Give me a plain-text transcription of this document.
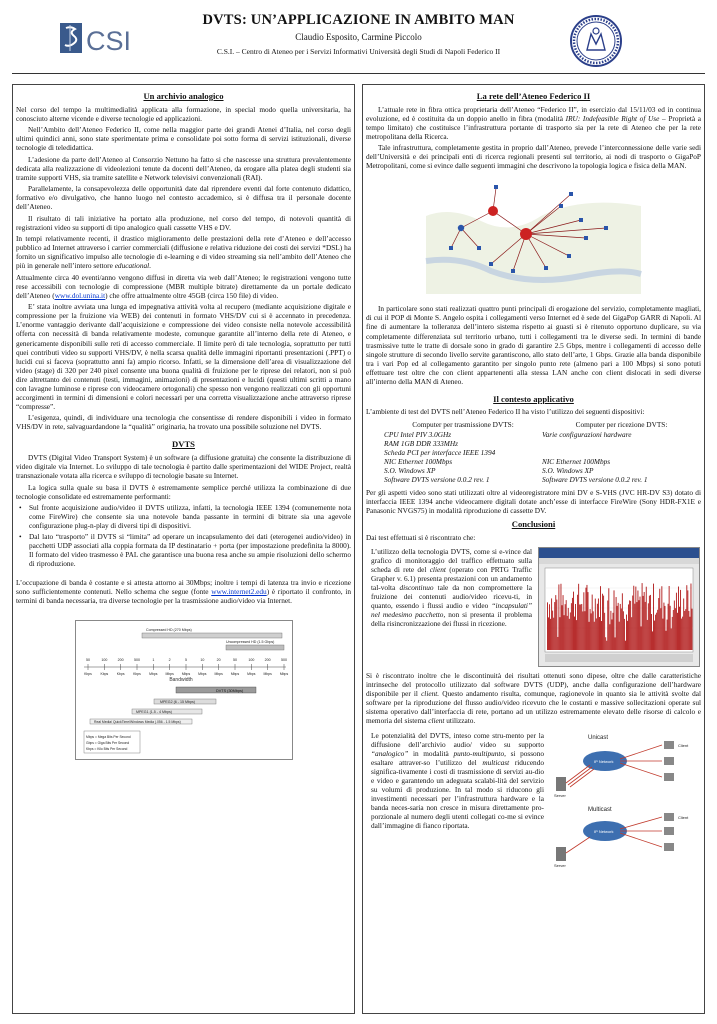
CSI
DVTS: UN’APPLICAZIONE IN AMBITO MAN
Claudio Esposito, Carmine Piccolo
C.S.I. – Centro di Ateneo per i Servizi Informativi Università degli Studi di Napoli Federico II
Un archivio analogico

Nel corso del tempo la multimedialità applicata alla formazione, in special modo quella universitaria, ha conosciuto alterne vicende e diverse tecnologie ed applicazioni.

Nell’Ambito dell’Ateneo Federico II, come nella maggior parte dei grandi Atenei d’Italia, nel corso degli ultimi quindici anni, sono state sperimentate prima e consolidate poi sotto forma di servizi istituzionali, diverse tecnologie di teledidattica.

L’adesione da parte dell’Ateneo al Consorzio Nettuno ha fatto si che nascesse una struttura prevalentemente dedicata alla realizzazione di videolezioni tenute da docenti dell’Ateneo, da erogare alla platea degli studenti sia tramite supporti VHS, sia tramite satellite e Network televisivi convenzionali (RAI).

Parallelamente, la consapevolezza delle opportunità date dal riprendere eventi dal forte contenuto didattico, formativo e/o divulgativo, che hanno luogo nel contesto accademico, si è diffusa tra il personale docente dell’Ateneo.

Il risultato di tali iniziative ha portato alla produzione, nel corso del tempo, di notevoli quantità di registrazioni video su supporti di tipo analogico quali cassette VHS e DV.

In tempi relativamente recenti, il drastico miglioramento delle prestazioni della rete d’Ateneo e dell’accesso pubblico ad Internet attraverso i carrier commerciali (diffusione e relativa riduzione dei costi dei servizi *DSL) ha fornito un significativo impulso alle tecnologie di e-learning e di video streaming sia nell’ambito dell’Ateneo che più in generale nell’intero settore educational.

Attualmente circa 40 eventi/anno vengono diffusi in diretta via web dall’Ateneo; le registrazioni vengono tutte rese accessibili con tecnologie di compressione (MBR multiple bitrate) direttamente da un portale dedicato dell’Ateneo (www.dol.unina.it) che offre attualmente oltre 45GB (circa 150 file) di video.

E’ stata inoltre avviata una lunga ed impegnativa attività volta al recupero (mediante acquisizione digitale e compressione per la fruizione via WEB) dei contenuti in formato VHS/DV cui si è accennato in precedenza. L’enorme vantaggio derivante dall’acquisizione e compressione dei video consiste nella notevole accessibilità offerta con necessità di banda relativamente modeste, comunque garantite all’interno della rete di Ateneo, e genericamente disponibili sulle reti di accesso commerciale. Il limite però di tale tecnologia, soprattutto per tutti quei contributi video su supporti VHS/DV, è nella scarsa qualità delle immagini riportanti presentazioni (.PPT) o lucidi cui si faceva (soprattutto anni fa) ampio ricorso. Infatti, se la dimensione dell’area di visualizzazione del video (stage) di 320 per 240 pixel consente una buona qualità di fruizione per le riprese dei relatori, non si può dire altrettanto dei contenuti (testi, immagini, animazioni) di presentazioni e lucidi (questi ultimi scritti a mano con lavagne luminose e riprese con videocamere ortogonali) che spesso non vengono realizzati con gli opportuni accorgimenti in termini di dimensioni e colori necessari per una corretta visualizzazione anche attraverso riprese “compresse”.

L’esigenza, quindi, di individuare una tecnologia che consentisse di rendere disponibili i video in formato VHS/DV in rete, salvaguardandone la “qualità” originaria, ha trovato una possibile soluzione nel DVTS.

DVTS

DVTS (Digital Video Transport System) è un software (a diffusione gratuita) che consente la distribuzione di video digitale via Internet. Lo sviluppo di tale tecnologia è partito dalle sperimentazioni del WIDE Project, realtà transnazionale votata alla ricerca e sviluppo di tecnologie basate su Internet.

La logica sulla quale su basa il DVTS è estremamente semplice perché utilizza la combinazione di due tecnologie consolidate ed estremamente performanti:

• Sul fronte acquisizione audio/video il DVTS utilizza, infatti, la tecnologia IEEE 1394 (comunemente nota come FireWire) che consente sia una notevole banda passante in termini di bitrate sia una agevole configurazione plug-n-play di diversi tipi di dispositivi.
• Dal lato “trasporto” il DVTS si “limita” ad operare un incapsulamento dei dati (eterogenei audio/video) in pacchetti UDP associati alla coppia formata da IP destinatario + porta (per impostazione predefinita la 8000). Il formato del video trasmesso è PAL che garantisce una buona resa anche su ampie risoluzioni dello schermo di riproduzione.

L’occupazione di banda è costante e si attesta attorno ai 30Mbps; inoltre i tempi di latenza tra invio e ricezione sono sufficientemente contenuti. Nello schema che segue (fonte www.internet2.edu) è riportato il confronto, in termini di banda necessaria, tra diverse tecnologie per la trasmissione audio/video via Internet.

50
Kbps
100
Kbps
200
Kbps
500
Kbps
1
Mbps
2
Mbps
5
Mbps
10
Mbps
20
Mbps
50
Mbps
100
Mbps
200
Mbps
500
Mbps
Bandwidth
Compressed HD (270 Mbps)
Uncompressed HD (1.5 Gbps)
DVTS (30Mbps)
MPEG2 (6 - 15 Mbps)
MPEG1 (1.5 - 4 Mbps)
Real Media/ QuickTime/Windows Media (.056 - 1.5 Mbps)
Mbps = Mega Bits Per Second
Gbps = Giga Bits Per Second
Kbps = Kilo Bits Per Second
La rete dell’Ateneo Federico II

L’attuale rete in fibra ottica proprietaria dell’Ateneo “Federico II”, in esercizio dal 15/11/03 ed in continua evoluzione, ed è costituita da un doppio anello in fibra (modalità IRU: Indefeasible Right of Use – Proprietà a tempo limitato) che costituisce l’infrastruttura portante di trasporto sia per la rete di Ateneo che per la rete metropolitana della Ricerca.

Tale infrastruttura, completamente gestita in proprio dall’Ateneo, prevede l’interconnessione delle varie sedi dell’Università e dei principali enti di ricerca regionali presenti sul territorio, ai nodi di trasporto o GigaPoP Metropolitani, come si evince dalle seguenti immagini che descrivono la topologia logica e fisica della MAN.

In particolare sono stati realizzati quattro punti principali di erogazione del servizio, completamente magliati, di cui il POP di Monte S. Angelo ospita i collegamenti verso Internet ed è sede del GigaPop GARR di Napoli. Al fine di aumentare la tolleranza dell’intero sistema rispetto ai guasti si è ritenuto opportuno duplicare, su via completamente differenziata sul territorio urbano, tutti i collegamenti tra le diverse sedi. In termini di bande trasmissive tutte le tratte di dorsale sono in grado di garantire 2.5 Gbps, mentre i collegamenti di accesso delle singole strutture di secondo livello servite garantiscono, allo stato dell’arte, 1 Gbps. Grazie alla banda disponibile tra i vari Pop ed al collegamento garantito per singolo punto rete (almeno pari a 100 Mbps) si sono potuti effettuare test oltre che con client appartenenti alla stessa LAN anche con client dislocati in sedi diverse all’interno della MAN di Ateneo.

Il contesto applicativo

L’ambiente di test del DVTS nell’Ateneo Federico II ha visto l’utilizzo dei seguenti dispositivi:

Computer per trasmissione DVTS:
CPU Intel PIV 3.0GHz
RAM 1GB DDR 333MHz
Scheda PCI per interfacce IEEE 1394
NIC Ethernet 100Mbps
S.O. Windows XP
Software DVTS versione 0.0.2 rev. 1
Computer per ricezione DVTS:
Varie configurazioni hardware

NIC Ethernet 100Mbps
S.O. Windows XP
Software DVTS versione 0.0.2 rev. 1

Per gli aspetti video sono stati utilizzati oltre al videoregistratore mini DV e S-VHS (JVC HR-DV S3) dotato di interfaccia IEEE 1394 anche videocamere digitali dotate anch’esse di interfacce FireWire (Sony HDR-FX1E e Panasonic NVGS75) in modalità riproduzione di cassette DV.

Conclusioni

Dai test effettuati si è riscontrato che:

L’utilizzo della tecnologia DVTS, come si e-vince dal grafico di monitoraggio del traffico effettuato sulla scheda di rete del client (operato con PRTG Traffic Grapher v. 6.1) presenta prestazioni con un andamento tal-volta discontinuo tale da non compromettere la fruizione dei contenuti audio/video ricevu-ti, in quanto, essendo i flussi audio e video “incapsulati” nel medesimo pacchetto, non si presenta il problema della risincronizzazione dei flussi in ricezione.

Si è riscontrato inoltre che le discontinuità dei risultati ottenuti sono dipese, oltre che dalle caratteristiche intrinseche del protocollo utilizzato dal software DVTS (UDP), anche dalla configurazione dell’hardware disponibile per il client. Questo andamento risulta, comunque, ragionevole in quanto sia le attività svolte dal software per la riproduzione del flusso audio/video ricevuto che le costanti e massive sollecitazioni operate sul sistema operativo dall’interfaccia di rete, portano ad un utilizzo estremamente elevato delle risorse di calcolo e memoria del sistema client utilizzato.

Le potenzialità del DVTS, inteso come stru-mento per la diffusione dell’archivio audio/ video su supporto “analogico” in modalità punto-multipunto, si possono esaltare attraver-so l’utilizzo del multicast riducendo significa-tivamente i costi di trasmissione di servizi au-dio e video e garantendo un adeguata scalabi-lità del servizio su volumi di produzione. In tal modo si riducono gli investimenti necessari per l’infrastruttura hardware e la banda neces-saria non cresce in misura direttamente pro-porzionale al numero degli utenti collegati co-me si evince dall’immagine di fianco riportata.

Unicast
IP Network
Server
Client
Multicast
IP Network
Server
Client
